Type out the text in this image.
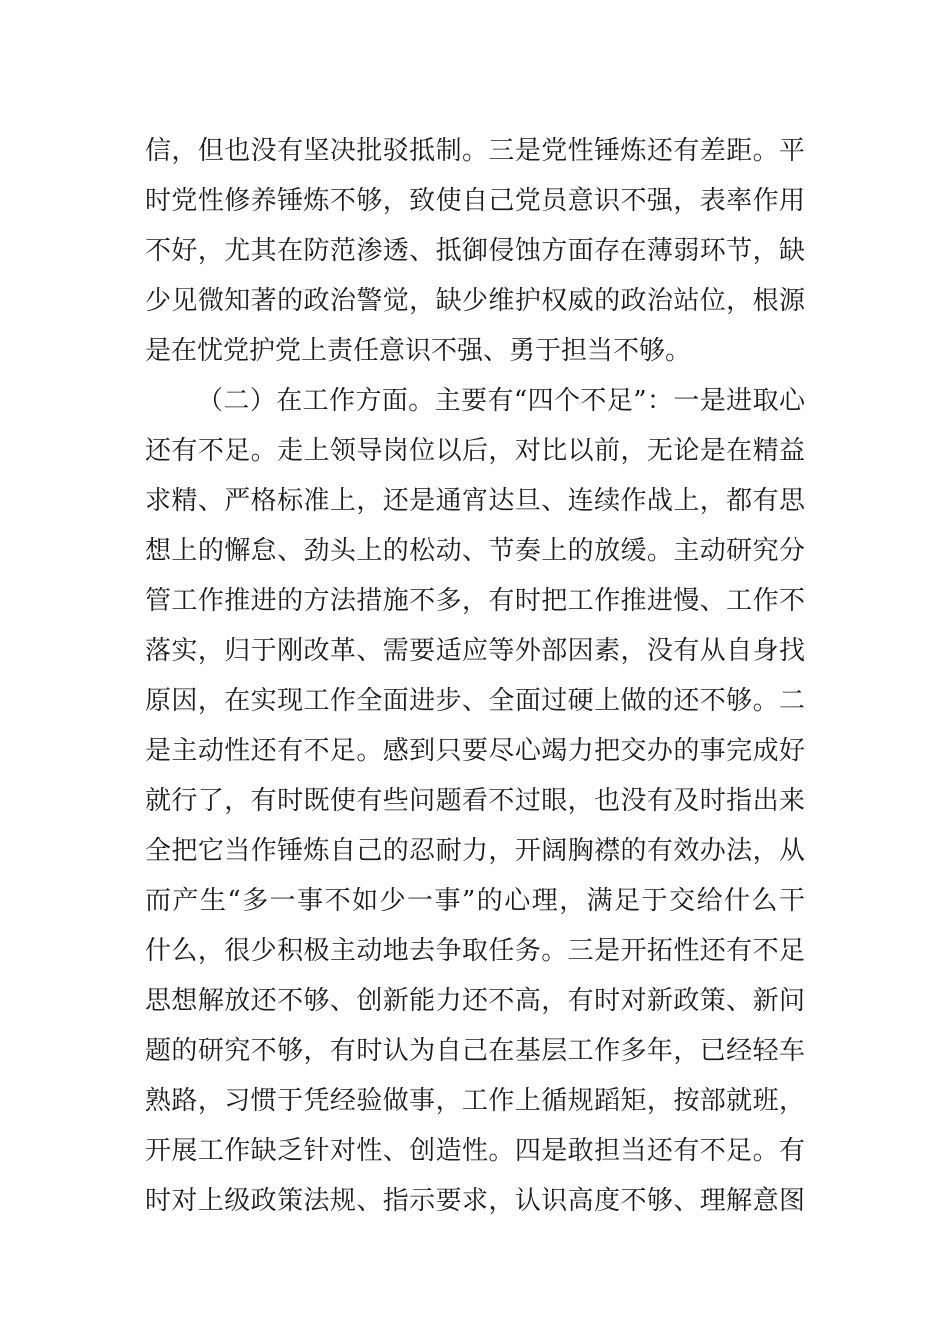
信，但也没有坚决批驳抵制。三是党性锤炼还有差距。平
时党性修养锤炼不够，致使自己党员意识不强，表率作用
不好，尤其在防范渗透、抵御侵蚀方面存在薄弱环节，缺
少见微知著的政治警觉，缺少维护权威的政治站位，根源
是在忧党护党上责任意识不强、勇于担当不够。
（二）在工作方面。主要有“四个不足”：一是进取心
还有不足。走上领导岗位以后，对比以前，无论是在精益
求精、严格标准上，还是通宵达旦、连续作战上，都有思
想上的懈怠、劲头上的松动、节奏上的放缓。主动研究分
管工作推进的方法措施不多，有时把工作推进慢、工作不
落实，归于刚改革、需要适应等外部因素，没有从自身找
原因，在实现工作全面进步、全面过硬上做的还不够。二
是主动性还有不足。感到只要尽心竭力把交办的事完成好
就行了，有时既使有些问题看不过眼，也没有及时指出来
全把它当作锤炼自己的忍耐力，开阔胸襟的有效办法，从
而产生“多一事不如少一事”的心理，满足于交给什么干
什么，很少积极主动地去争取任务。三是开拓性还有不足
思想解放还不够、创新能力还不高，有时对新政策、新问
题的研究不够，有时认为自己在基层工作多年，已经轻车
熟路，习惯于凭经验做事，工作上循规蹈矩，按部就班，
开展工作缺乏针对性、创造性。四是敢担当还有不足。有
时对上级政策法规、指示要求，认识高度不够、理解意图
